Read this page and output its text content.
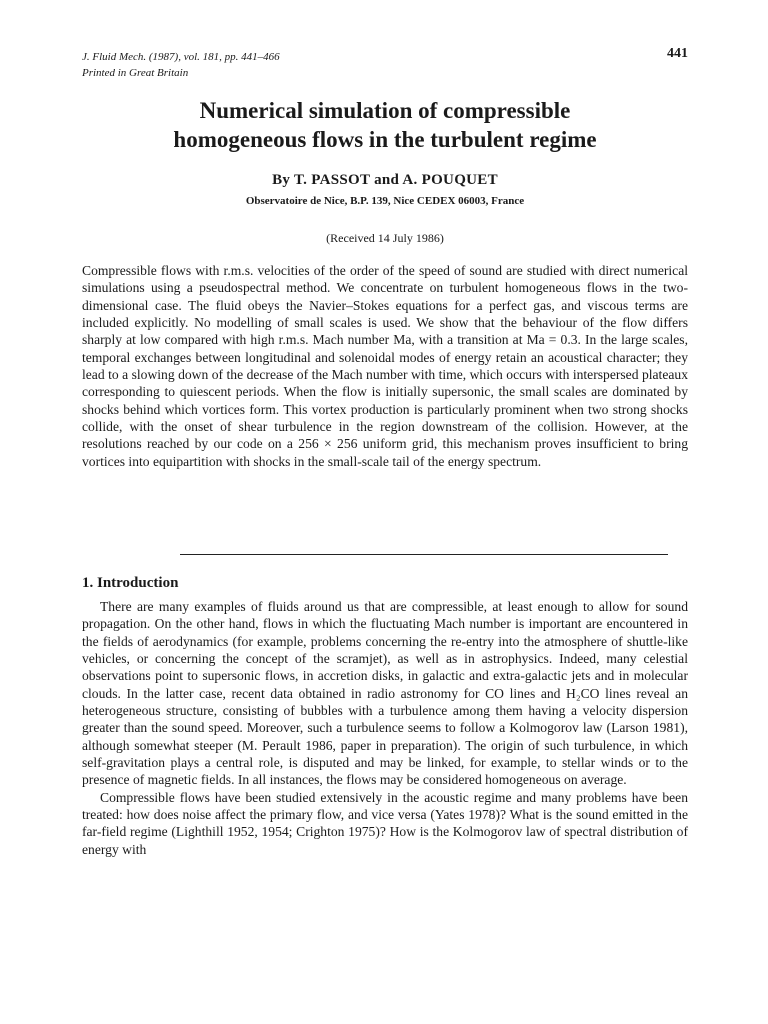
J. Fluid Mech. (1987), vol. 181, pp. 441–466
Printed in Great Britain
441
Numerical simulation of compressible
homogeneous flows in the turbulent regime
By T. PASSOT and A. POUQUET
Observatoire de Nice, B.P. 139, Nice CEDEX 06003, France
(Received 14 July 1986)
Compressible flows with r.m.s. velocities of the order of the speed of sound are studied with direct numerical simulations using a pseudospectral method. We concentrate on turbulent homogeneous flows in the two-dimensional case. The fluid obeys the Navier–Stokes equations for a perfect gas, and viscous terms are included explicitly. No modelling of small scales is used. We show that the behaviour of the flow differs sharply at low compared with high r.m.s. Mach number Ma, with a transition at Ma = 0.3. In the large scales, temporal exchanges between longitudinal and solenoidal modes of energy retain an acoustical character; they lead to a slowing down of the decrease of the Mach number with time, which occurs with interspersed plateaux corresponding to quiescent periods. When the flow is initially supersonic, the small scales are dominated by shocks behind which vortices form. This vortex production is particularly prominent when two strong shocks collide, with the onset of shear turbulence in the region downstream of the collision. However, at the resolutions reached by our code on a 256 × 256 uniform grid, this mechanism proves insufficient to bring vortices into equipartition with shocks in the small-scale tail of the energy spectrum.
1. Introduction

There are many examples of fluids around us that are compressible, at least enough to allow for sound propagation. On the other hand, flows in which the fluctuating Mach number is important are encountered in the fields of aerodynamics (for example, problems concerning the re-entry into the atmosphere of shuttle-like vehicles, or concerning the concept of the scramjet), as well as in astrophysics. Indeed, many celestial observations point to supersonic flows, in accretion disks, in galactic and extra-galactic jets and in molecular clouds. In the latter case, recent data obtained in radio astronomy for CO lines and H₂CO lines reveal an heterogeneous structure, consisting of bubbles with a turbulence among them having a velocity dispersion greater than the sound speed. Moreover, such a turbulence seems to follow a Kolmogorov law (Larson 1981), although somewhat steeper (M. Perault 1986, paper in preparation). The origin of such turbulence, in which self-gravitation plays a central role, is disputed and may be linked, for example, to stellar winds or to the presence of magnetic fields. In all instances, the flows may be considered homogeneous on average.

Compressible flows have been studied extensively in the acoustic regime and many problems have been treated: how does noise affect the primary flow, and vice versa (Yates 1978)? What is the sound emitted in the far-field regime (Lighthill 1952, 1954; Crighton 1975)? How is the Kolmogorov law of spectral distribution of energy with
